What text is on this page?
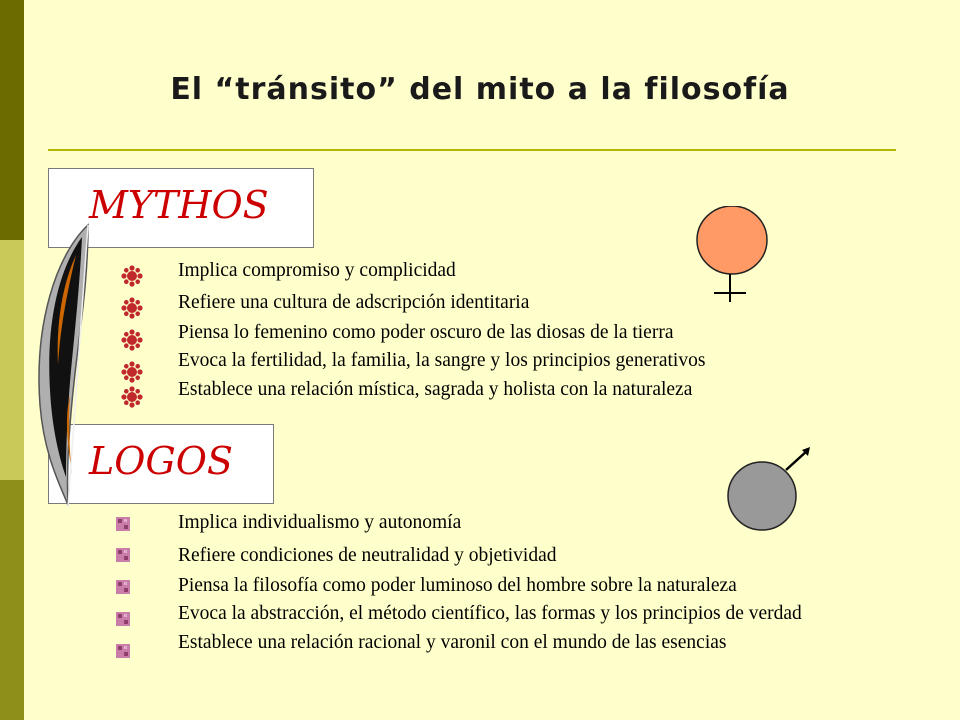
El “tránsito” del mito a la filosofía
MYTHOS
LOGOS
Implica compromiso y complicidad
Refiere una cultura de adscripción identitaria
Piensa lo femenino como poder oscuro de las diosas de la tierra
Evoca la fertilidad, la familia, la sangre y los principios generativos
Establece una relación mística, sagrada y holista con la naturaleza
Implica individualismo y autonomía
Refiere condiciones de neutralidad y objetividad
Piensa la filosofía como poder luminoso del hombre sobre la naturaleza
Evoca la abstracción, el método científico, las formas y los principios de verdad
Establece una relación racional y varonil con el mundo de las esencias
